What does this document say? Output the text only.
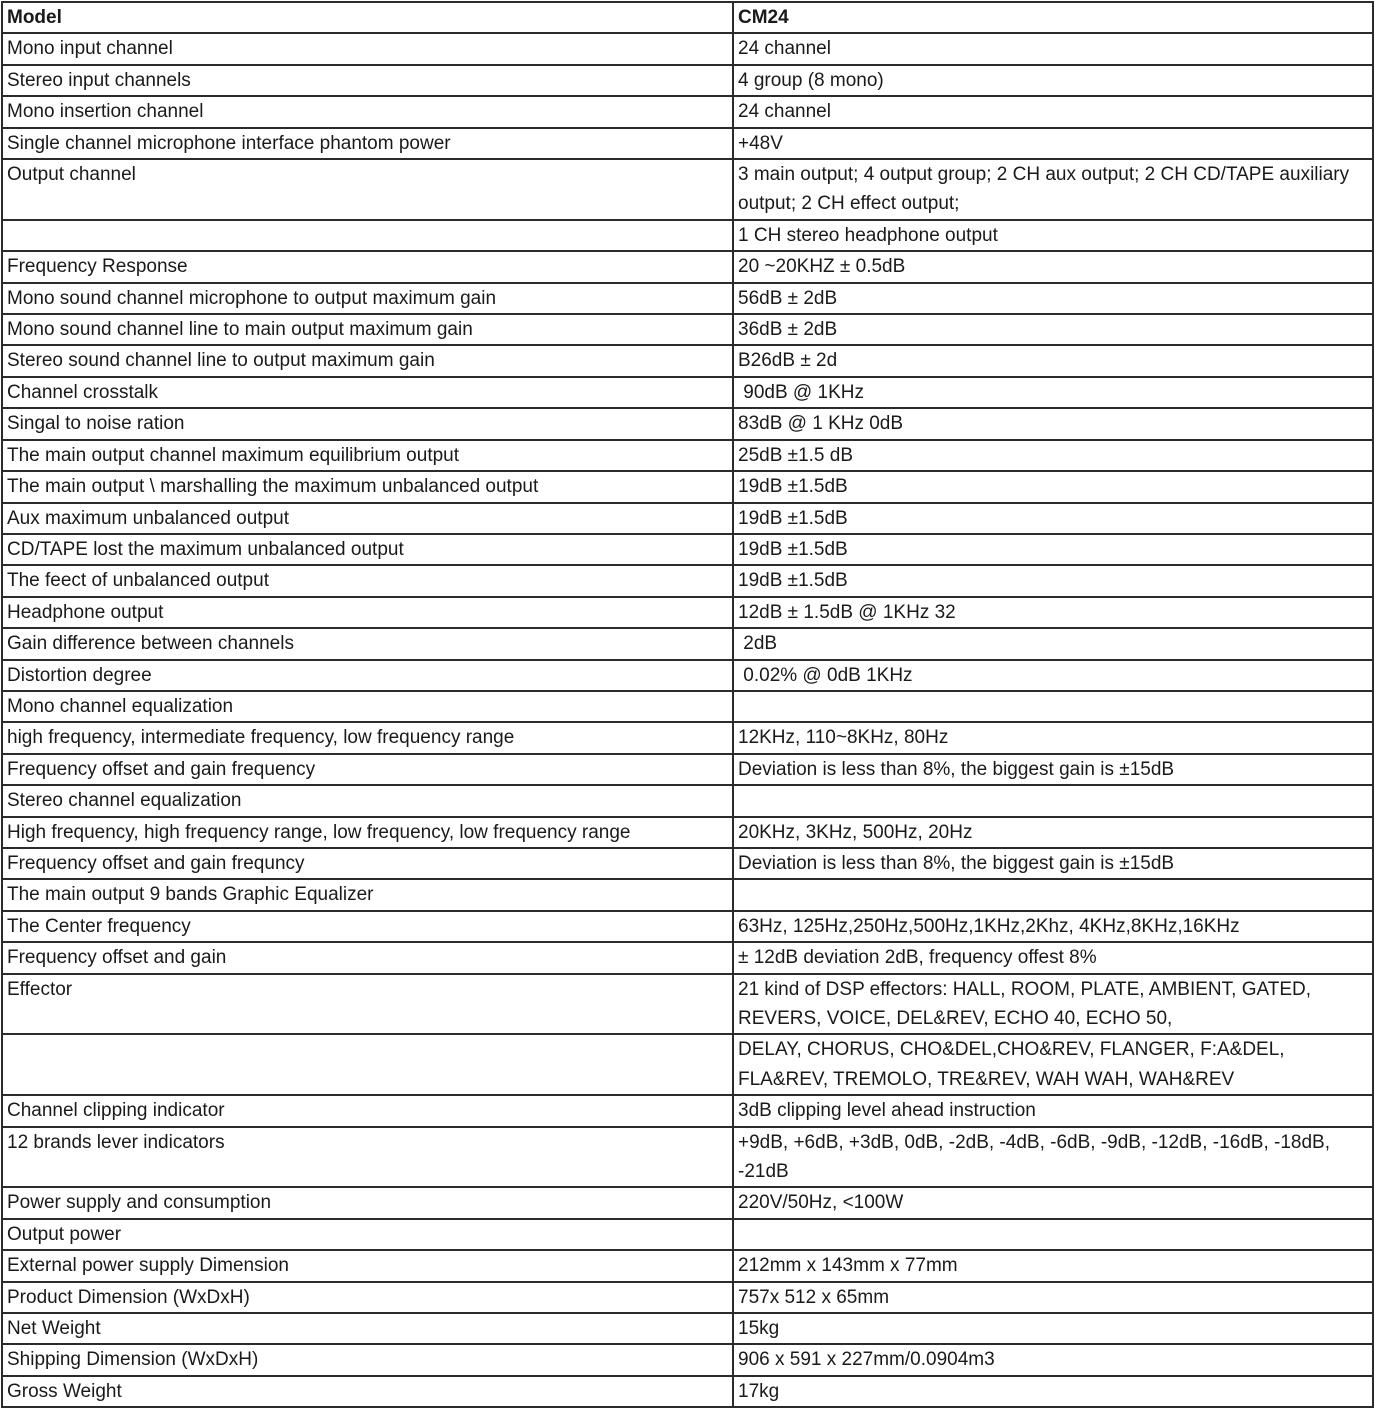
Model	CM24
Mono input channel	24 channel
Stereo input channels	4 group (8 mono)
Mono insertion channel	24 channel
Single channel microphone interface phantom power	+48V
Output channel	3 main output; 4 output group; 2 CH aux output; 2 CH CD/TAPE auxiliary output; 2 CH effect output;
	1 CH stereo headphone output
Frequency Response	20 ~20KHZ ± 0.5dB
Mono sound channel microphone to output maximum gain	56dB ± 2dB
Mono sound channel line to main output maximum gain	36dB ± 2dB
Stereo sound channel line to output maximum gain	B26dB ± 2d
Channel crosstalk	90dB @ 1KHz
Singal to noise ration	83dB @ 1 KHz 0dB
The main output channel maximum equilibrium output	25dB ±1.5 dB
The main output \ marshalling the maximum unbalanced output	19dB ±1.5dB
Aux maximum unbalanced output	19dB ±1.5dB
CD/TAPE lost the maximum unbalanced output	19dB ±1.5dB
The feect of unbalanced output	19dB ±1.5dB
Headphone output	12dB ± 1.5dB @ 1KHz 32
Gain difference between channels	2dB
Distortion degree	0.02% @ 0dB 1KHz
Mono channel equalization	
high frequency, intermediate frequency, low frequency range	12KHz, 110~8KHz, 80Hz
Frequency offset and gain frequency	Deviation is less than 8%, the biggest gain is ±15dB
Stereo channel equalization	
High frequency, high frequency range, low frequency, low frequency range	20KHz, 3KHz, 500Hz, 20Hz
Frequency offset and gain frequncy	Deviation is less than 8%, the biggest gain is ±15dB
The main output 9 bands Graphic Equalizer	
The Center frequency	63Hz, 125Hz,250Hz,500Hz,1KHz,2Khz, 4KHz,8KHz,16KHz
Frequency offset and gain	± 12dB deviation 2dB, frequency offest 8%
Effector	21 kind of DSP effectors: HALL, ROOM, PLATE, AMBIENT, GATED, REVERS, VOICE, DEL&REV, ECHO 40, ECHO 50,
	DELAY, CHORUS, CHO&DEL,CHO&REV, FLANGER, F:A&DEL, FLA&REV, TREMOLO, TRE&REV, WAH WAH, WAH&REV
Channel clipping indicator	3dB clipping level ahead instruction
12 brands lever indicators	+9dB, +6dB, +3dB, 0dB, -2dB, -4dB, -6dB, -9dB, -12dB, -16dB, -18dB, -21dB
Power supply and consumption	220V/50Hz, <100W
Output power	
External power supply Dimension	212mm x 143mm x 77mm
Product Dimension (WxDxH)	757x 512 x 65mm
Net Weight	15kg
Shipping Dimension (WxDxH)	906 x 591 x 227mm/0.0904m3
Gross Weight	17kg
